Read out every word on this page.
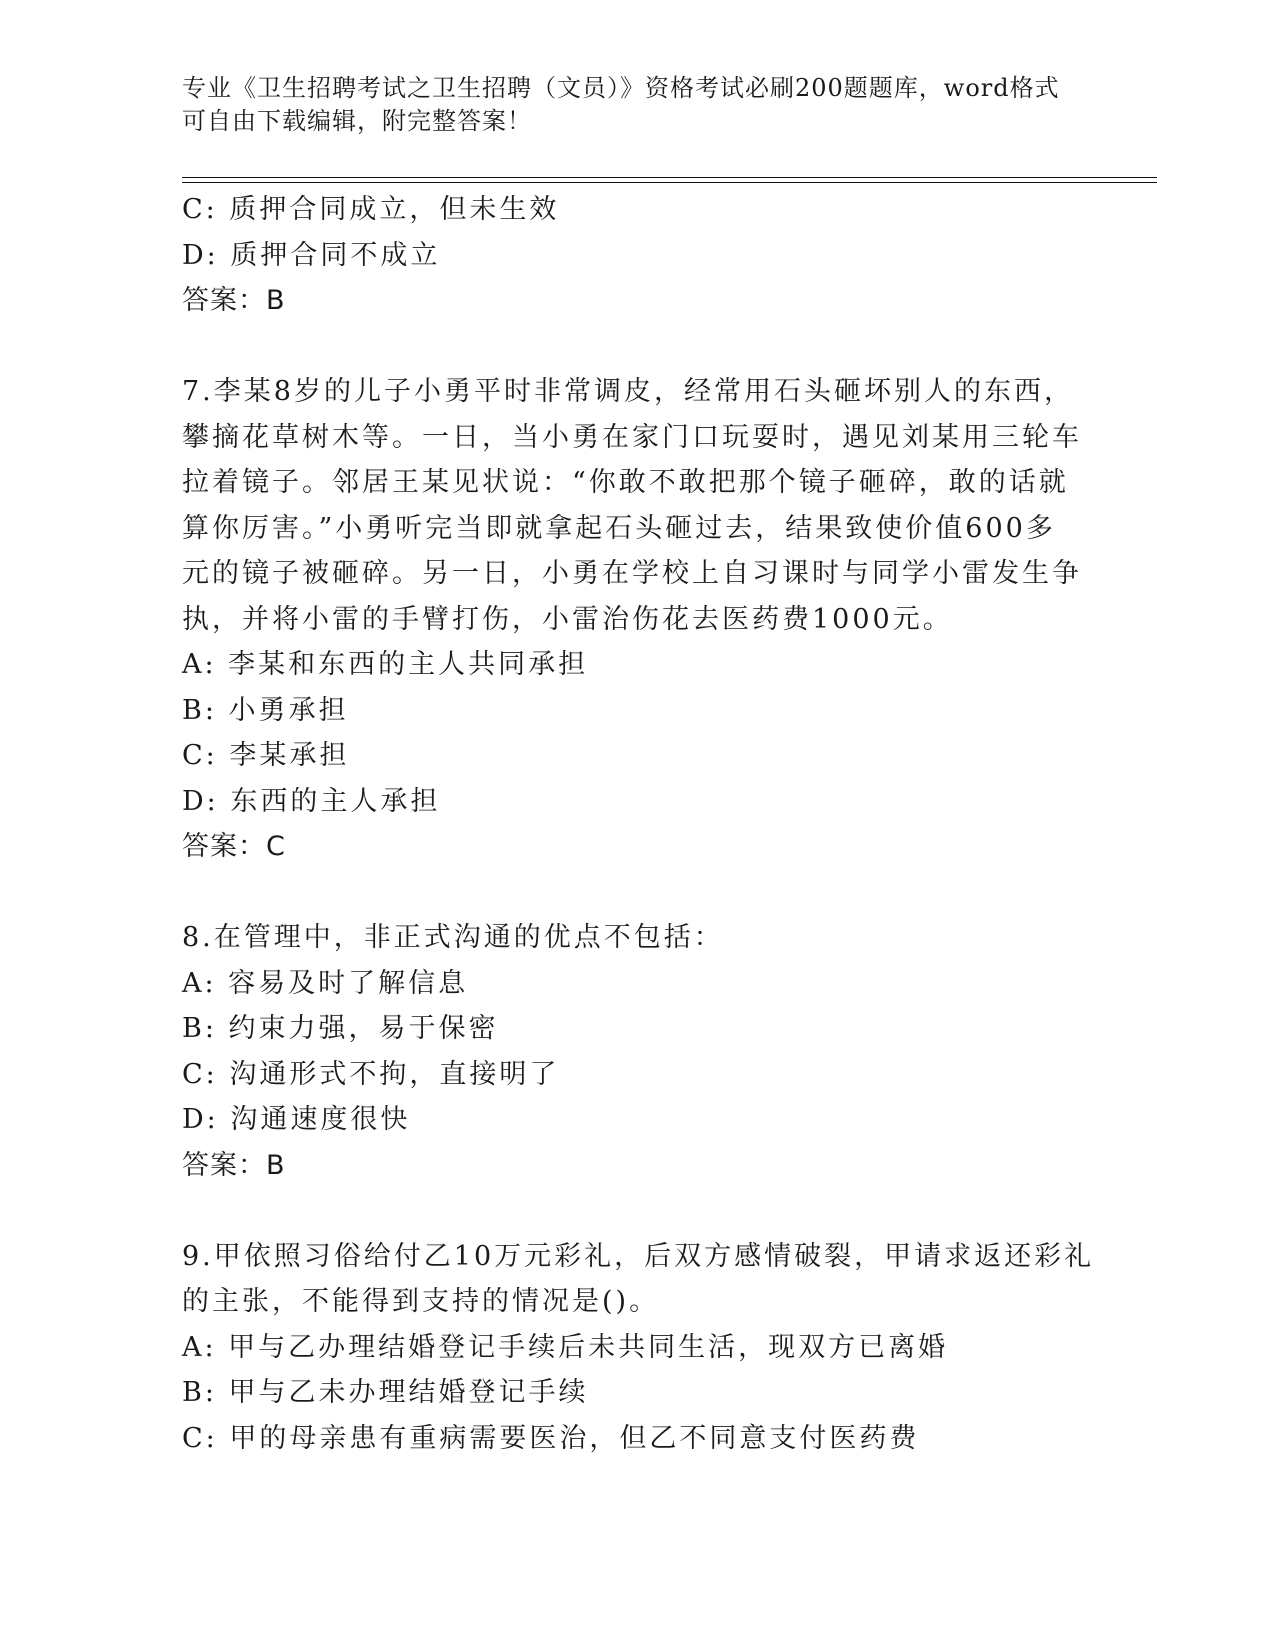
专业《卫生招聘考试之卫生招聘（文员）》资格考试必刷200题题库，word格式
可自由下载编辑，附完整答案！
C: 质押合同成立，但未生效
D: 质押合同不成立
答案：B
7.李某8岁的儿子小勇平时非常调皮，经常用石头砸坏别人的东西，
攀摘花草树木等。一日，当小勇在家门口玩耍时，遇见刘某用三轮车
拉着镜子。邻居王某见状说：“你敢不敢把那个镜子砸碎，敢的话就
算你厉害。”小勇听完当即就拿起石头砸过去，结果致使价值600多
元的镜子被砸碎。另一日，小勇在学校上自习课时与同学小雷发生争
执，并将小雷的手臂打伤，小雷治伤花去医药费1000元。
A: 李某和东西的主人共同承担
B: 小勇承担
C: 李某承担
D: 东西的主人承担
答案：C
8.在管理中，非正式沟通的优点不包括：
A: 容易及时了解信息
B: 约束力强，易于保密
C: 沟通形式不拘，直接明了
D: 沟通速度很快
答案：B
9.甲依照习俗给付乙10万元彩礼，后双方感情破裂，甲请求返还彩礼
的主张，不能得到支持的情况是()。
A: 甲与乙办理结婚登记手续后未共同生活，现双方已离婚
B: 甲与乙未办理结婚登记手续
C: 甲的母亲患有重病需要医治，但乙不同意支付医药费
